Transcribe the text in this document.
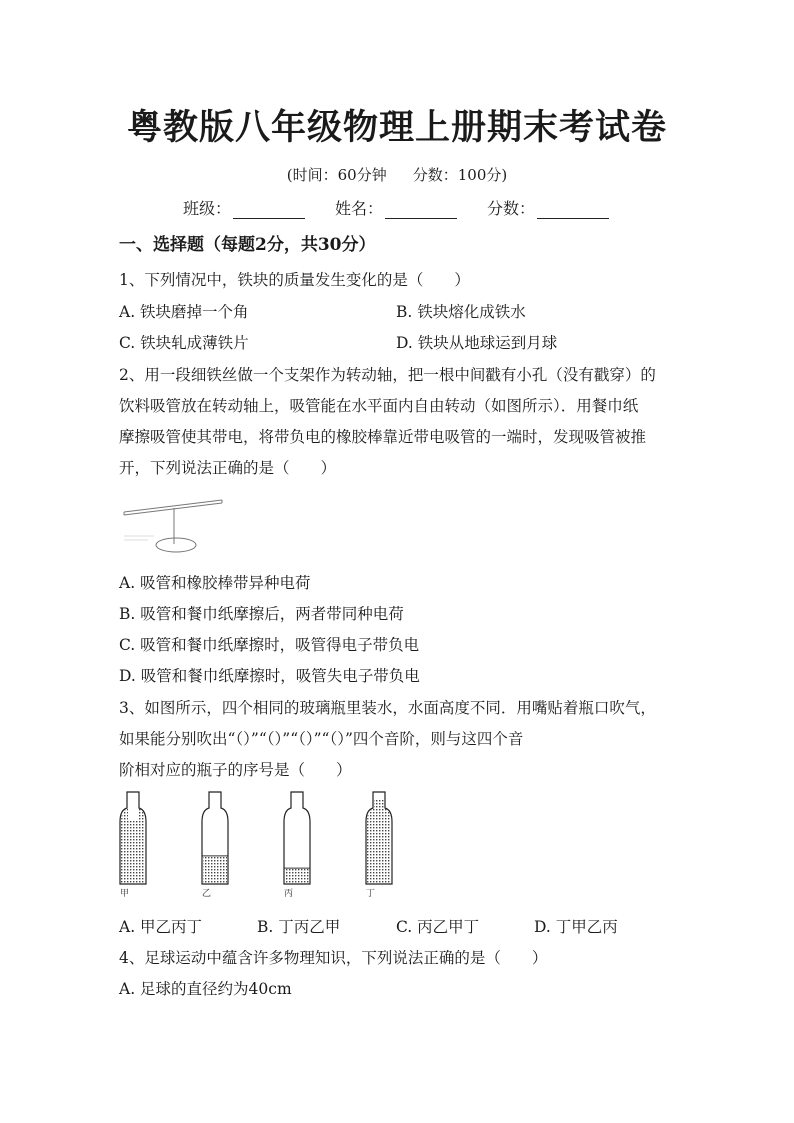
粤教版八年级物理上册期末考试卷
(时间：60分钟 分数：100分)
班级：	姓名：	分数：
一、选择题（每题2分，共30分）
1、下列情况中，铁块的质量发生变化的是（　　）
A. 铁块磨掉一个角	B. 铁块熔化成铁水
C. 铁块轧成薄铁片	D. 铁块从地球运到月球
2、用一段细铁丝做一个支架作为转动轴，把一根中间戳有小孔（没有戳穿）的
饮料吸管放在转动轴上，吸管能在水平面内自由转动（如图所示）．用餐巾纸
摩擦吸管使其带电，将带负电的橡胶棒靠近带电吸管的一端时，发现吸管被推
开，下列说法正确的是（　　）
A. 吸管和橡胶棒带异种电荷
B. 吸管和餐巾纸摩擦后，两者带同种电荷
C. 吸管和餐巾纸摩擦时，吸管得电子带负电
D. 吸管和餐巾纸摩擦时，吸管失电子带负电
3、如图所示，四个相同的玻璃瓶里装水，水面高度不同．用嘴贴着瓶口吹气，
如果能分别吹出“（）”“（）”“（）”“（）”四个音阶，则与这四个音
阶相对应的瓶子的序号是（　　）
甲	乙	丙	丁
A. 甲乙丙丁	B. 丁丙乙甲	C. 丙乙甲丁	D. 丁甲乙丙
4、足球运动中蕴含许多物理知识，下列说法正确的是（　　）
A. 足球的直径约为40cm
